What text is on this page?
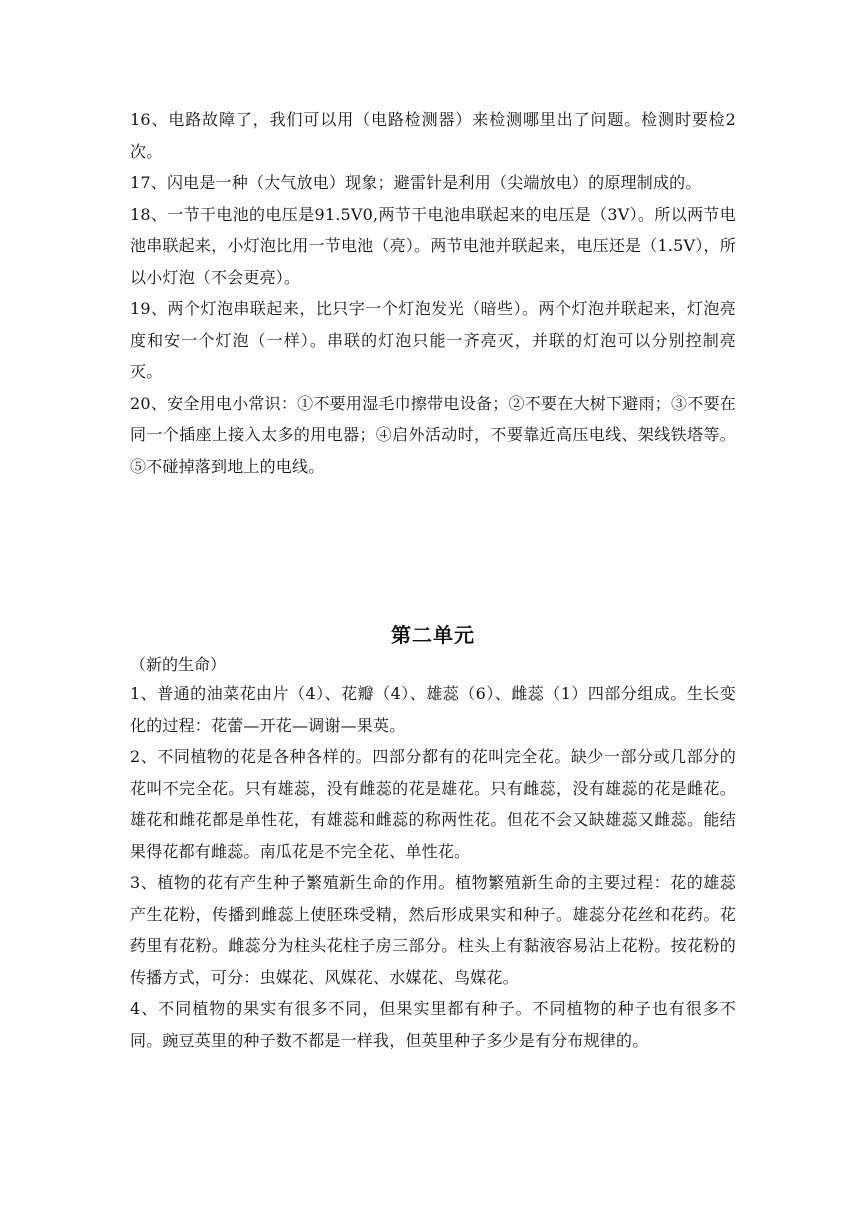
16、电路故障了，我们可以用（电路检测器）来检测哪里出了问题。检测时要检2次。

17、闪电是一种（大气放电）现象；避雷针是利用（尖端放电）的原理制成的。

18、一节干电池的电压是91.5V0,两节干电池串联起来的电压是（3V）。所以两节电池串联起来，小灯泡比用一节电池（亮）。两节电池并联起来，电压还是（1.5V），所以小灯泡（不会更亮）。

19、两个灯泡串联起来，比只字一个灯泡发光（暗些）。两个灯泡并联起来，灯泡亮度和安一个灯泡（一样）。串联的灯泡只能一齐亮灭，并联的灯泡可以分别控制亮灭。

20、安全用电小常识：①不要用湿毛巾擦带电设备；②不要在大树下避雨；③不要在同一个插座上接入太多的用电器；④启外活动时，不要靠近高压电线、架线铁塔等。⑤不碰掉落到地上的电线。

第二单元

（新的生命）

1、普通的油菜花由片（4）、花瓣（4）、雄蕊（6）、雌蕊（1）四部分组成。生长变化的过程：花蕾—开花—调谢—果英。

2、不同植物的花是各种各样的。四部分都有的花叫完全花。缺少一部分或几部分的花叫不完全花。只有雄蕊，没有雌蕊的花是雄花。只有雌蕊，没有雄蕊的花是雌花。雄花和雌花都是单性花，有雄蕊和雌蕊的称两性花。但花不会又缺雄蕊又雌蕊。能结果得花都有雌蕊。南瓜花是不完全花、单性花。

3、植物的花有产生种子繁殖新生命的作用。植物繁殖新生命的主要过程：花的雄蕊产生花粉，传播到雌蕊上使胚珠受精，然后形成果实和种子。雄蕊分花丝和花药。花药里有花粉。雌蕊分为柱头花柱子房三部分。柱头上有黏液容易沾上花粉。按花粉的传播方式，可分：虫媒花、风媒花、水媒花、鸟媒花。

4、不同植物的果实有很多不同，但果实里都有种子。不同植物的种子也有很多不同。豌豆英里的种子数不都是一样我，但英里种子多少是有分布规律的。
